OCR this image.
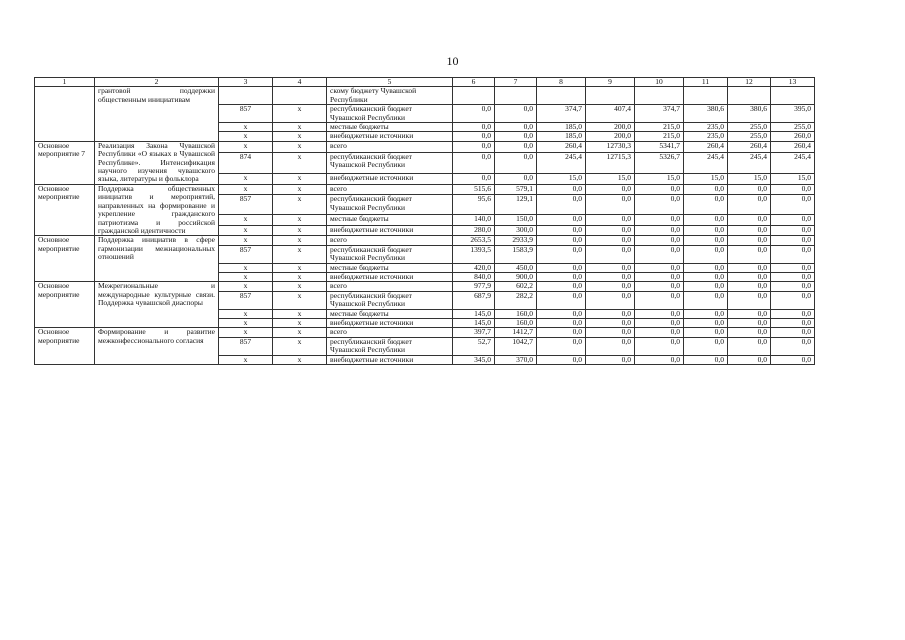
10
1	2	3	4	5	6	7	8	9	10	11	12	13
	грантовой поддержки общественным инициативам			скому бюджету Чувашской Республики								
		857	x	республиканский бюджет Чувашской Республики	0,0	0,0	374,7	407,4	374,7	380,6	380,6	395,0
		x	x	местные бюджеты	0,0	0,0	185,0	200,0	215,0	235,0	255,0	255,0
		x	x	внебюджетные источники	0,0	0,0	185,0	200,0	215,0	235,0	255,0	260,0
Основное мероприятие 7	Реализация Закона Чувашской Республики «О языках в Чувашской Республике». Интенсификация научного изучения чувашского языка, литературы и фольклора	x	x	всего	0,0	0,0	260,4	12730,3	5341,7	260,4	260,4	260,4
		874	x	республиканский бюджет Чувашской Республики	0,0	0,0	245,4	12715,3	5326,7	245,4	245,4	245,4
		x	x	внебюджетные источники	0,0	0,0	15,0	15,0	15,0	15,0	15,0	15,0
Основное мероприятие	Поддержка общественных инициатив и мероприятий, направленных на формирование и укрепление гражданского патриотизма и российской гражданской идентичности	x	x	всего	515,6	579,1	0,0	0,0	0,0	0,0	0,0	0,0
		857	x	республиканский бюджет Чувашской Республики	95,6	129,1	0,0	0,0	0,0	0,0	0,0	0,0
		x	x	местные бюджеты	140,0	150,0	0,0	0,0	0,0	0,0	0,0	0,0
		x	x	внебюджетные источники	280,0	300,0	0,0	0,0	0,0	0,0	0,0	0,0
Основное мероприятие	Поддержка инициатив в сфере гармонизации межнациональных отношений	x	x	всего	2653,5	2933,9	0,0	0,0	0,0	0,0	0,0	0,0
		857	x	республиканский бюджет Чувашской Республики	1393,5	1583,9	0,0	0,0	0,0	0,0	0,0	0,0
		x	x	местные бюджеты	420,0	450,0	0,0	0,0	0,0	0,0	0,0	0,0
		x	x	внебюджетные источники	840,0	900,0	0,0	0,0	0,0	0,0	0,0	0,0
Основное мероприятие	Межрегиональные и международные культурные связи. Поддержка чувашской диаспоры	x	x	всего	977,9	602,2	0,0	0,0	0,0	0,0	0,0	0,0
		857	x	республиканский бюджет Чувашской Республики	687,9	282,2	0,0	0,0	0,0	0,0	0,0	0,0
		x	x	местные бюджеты	145,0	160,0	0,0	0,0	0,0	0,0	0,0	0,0
		x	x	внебюджетные источники	145,0	160,0	0,0	0,0	0,0	0,0	0,0	0,0
Основное мероприятие	Формирование и развитие межконфессионального согласия	x	x	всего	397,7	1412,7	0,0	0,0	0,0	0,0	0,0	0,0
		857	x	республиканский бюджет Чувашской Республики	52,7	1042,7	0,0	0,0	0,0	0,0	0,0	0,0
		x	x	внебюджетные источники	345,0	370,0	0,0	0,0	0,0	0,0	0,0	0,0
